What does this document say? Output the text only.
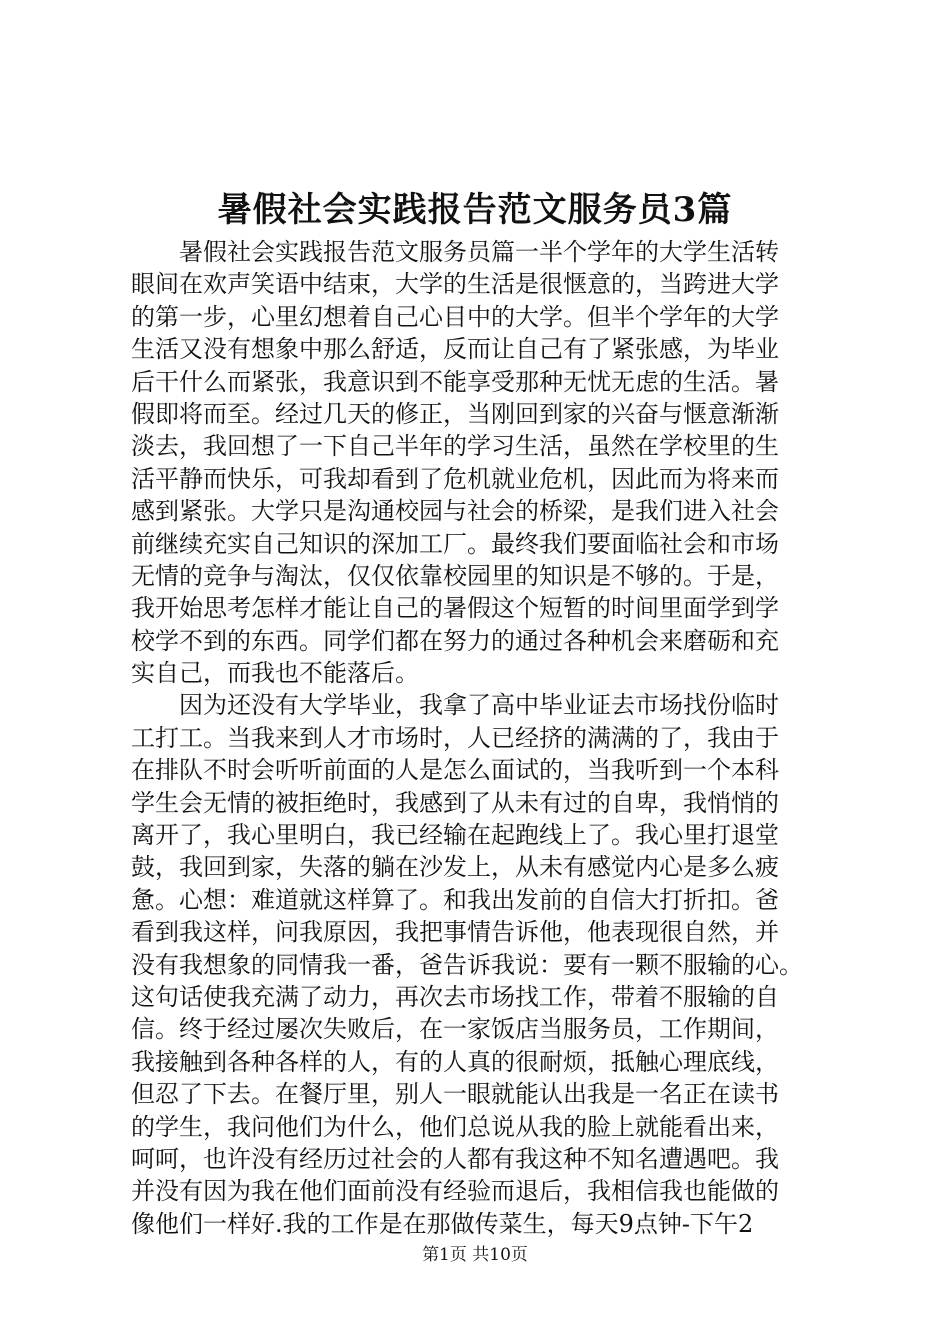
暑假社会实践报告范文服务员3篇
　　暑假社会实践报告范文服务员篇一半个学年的大学生活转
眼间在欢声笑语中结束，大学的生活是很惬意的，当跨进大学
的第一步，心里幻想着自己心目中的大学。但半个学年的大学
生活又没有想象中那么舒适，反而让自己有了紧张感，为毕业
后干什么而紧张，我意识到不能享受那种无忧无虑的生活。暑
假即将而至。经过几天的修正，当刚回到家的兴奋与惬意渐渐
淡去，我回想了一下自己半年的学习生活，虽然在学校里的生
活平静而快乐，可我却看到了危机就业危机，因此而为将来而
感到紧张。大学只是沟通校园与社会的桥梁，是我们进入社会
前继续充实自己知识的深加工厂。最终我们要面临社会和市场
无情的竞争与淘汰，仅仅依靠校园里的知识是不够的。于是，
我开始思考怎样才能让自己的暑假这个短暂的时间里面学到学
校学不到的东西。同学们都在努力的通过各种机会来磨砺和充
实自己，而我也不能落后。
　　因为还没有大学毕业，我拿了高中毕业证去市场找份临时
工打工。当我来到人才市场时，人已经挤的满满的了，我由于
在排队不时会听听前面的人是怎么面试的，当我听到一个本科
学生会无情的被拒绝时，我感到了从未有过的自卑，我悄悄的
离开了，我心里明白，我已经输在起跑线上了。我心里打退堂
鼓，我回到家，失落的躺在沙发上，从未有感觉内心是多么疲
惫。心想：难道就这样算了。和我出发前的自信大打折扣。爸
看到我这样，问我原因，我把事情告诉他，他表现很自然，并
没有我想象的同情我一番，爸告诉我说：要有一颗不服输的心。
这句话使我充满了动力，再次去市场找工作，带着不服输的自
信。终于经过屡次失败后，在一家饭店当服务员，工作期间，
我接触到各种各样的人，有的人真的很耐烦，抵触心理底线，
但忍了下去。在餐厅里，别人一眼就能认出我是一名正在读书
的学生，我问他们为什么，他们总说从我的脸上就能看出来，
呵呵，也许没有经历过社会的人都有我这种不知名遭遇吧。我
并没有因为我在他们面前没有经验而退后，我相信我也能做的
像他们一样好.我的工作是在那做传菜生，每天9点钟-下午2
第1页 共10页
